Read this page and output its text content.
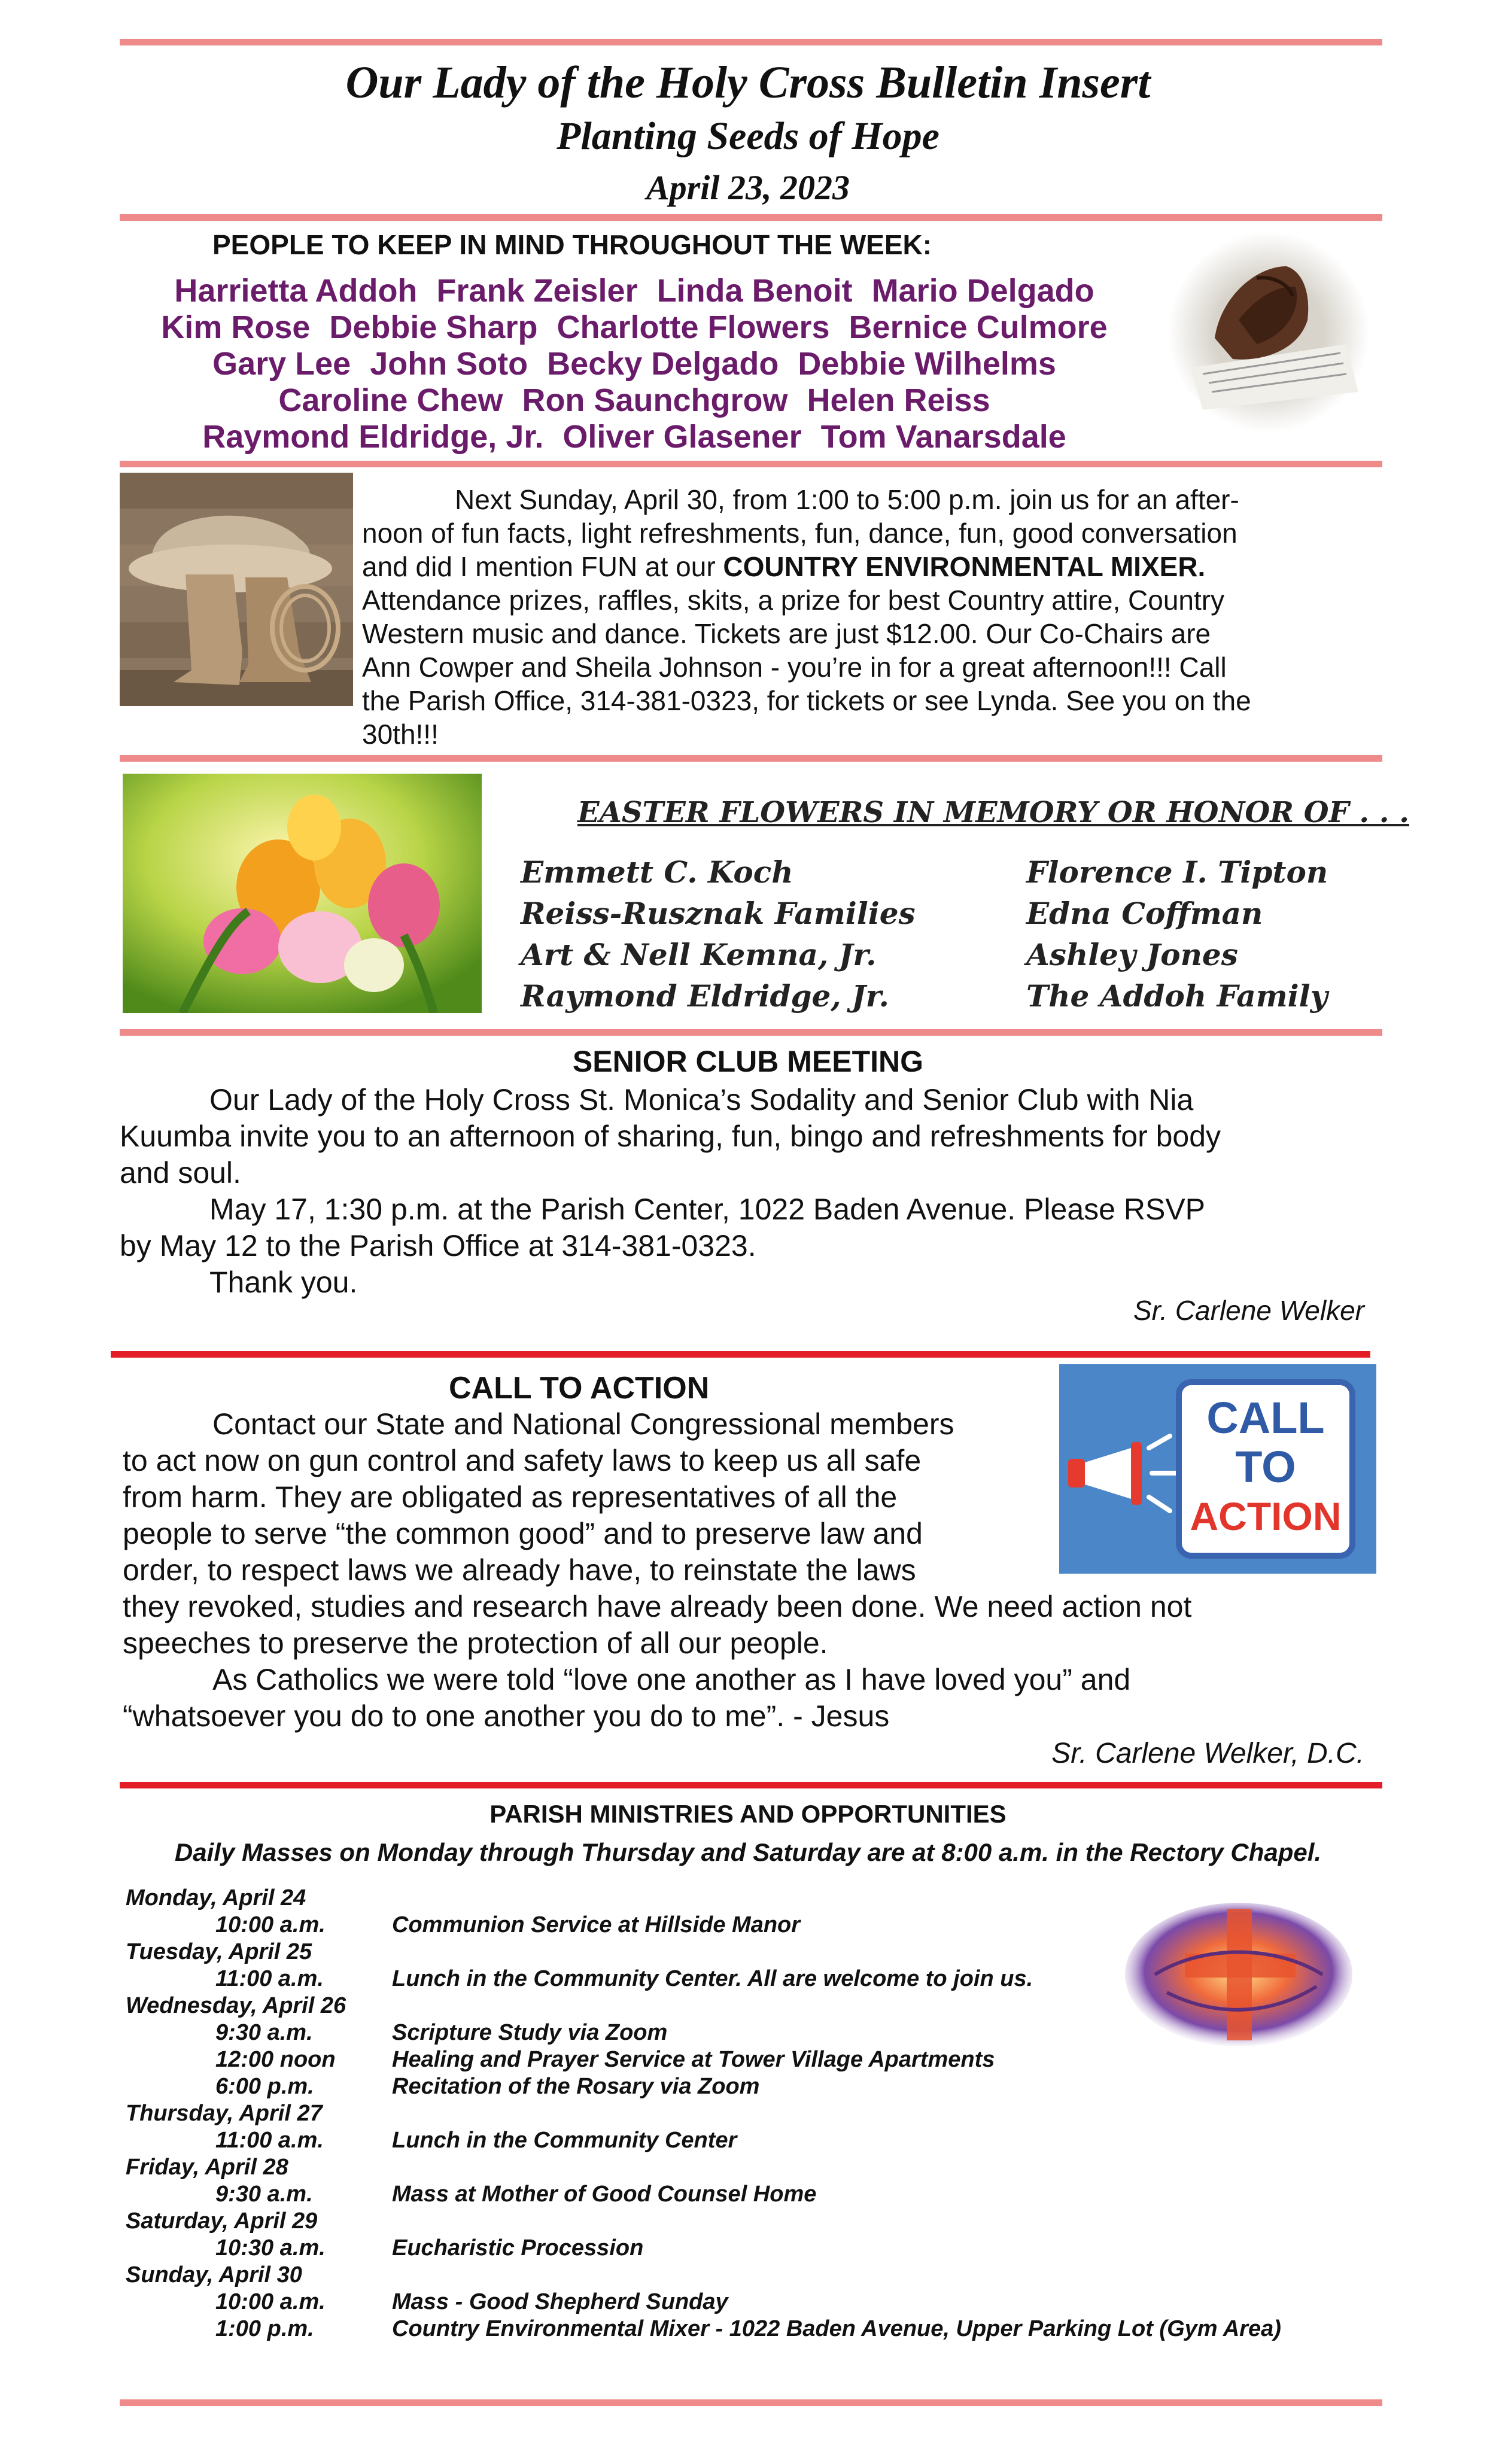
Our Lady of the Holy Cross Bulletin Insert
Planting Seeds of Hope
April 23, 2023
PEOPLE TO KEEP IN MIND THROUGHOUT THE WEEK:
Harrietta Addoh Frank Zeisler Linda Benoit Mario Delgado
Kim Rose Debbie Sharp Charlotte Flowers Bernice Culmore
Gary Lee John Soto Becky Delgado Debbie Wilhelms
Caroline Chew Ron Saunchgrow Helen Reiss
Raymond Eldridge, Jr. Oliver Glasener Tom Vanarsdale
Next Sunday, April 30, from 1:00 to 5:00 p.m. join us for an after-
noon of fun facts, light refreshments, fun, dance, fun, good conversation
Attendance prizes, raffles, skits, a prize for best Country attire, Country
Western music and dance. Tickets are just $12.00. Our Co-Chairs are
Ann Cowper and Sheila Johnson - you’re in for a great afternoon!!! Call
the Parish Office, 314-381-0323, for tickets or see Lynda. See you on the
30th!!!
and did I mention FUN at our COUNTRY ENVIRONMENTAL MIXER.
EASTER FLOWERS IN MEMORY OR HONOR OF . . .
Emmett C. Koch
Reiss-Rusznak Families
Art & Nell Kemna, Jr.
Raymond Eldridge, Jr.
Florence I. Tipton
Edna Coffman
Ashley Jones
The Addoh Family
SENIOR CLUB MEETING
Our Lady of the Holy Cross St. Monica’s Sodality and Senior Club with Nia
Kuumba invite you to an afternoon of sharing, fun, bingo and refreshments for body
and soul.
May 17, 1:30 p.m. at the Parish Center, 1022 Baden Avenue. Please RSVP
by May 12 to the Parish Office at 314-381-0323.
Thank you.
Sr. Carlene Welker
CALL TO ACTION
Contact our State and National Congressional members
to act now on gun control and safety laws to keep us all safe
from harm. They are obligated as representatives of all the
people to serve “the common good” and to preserve law and
order, to respect laws we already have, to reinstate the laws
they revoked, studies and research have already been done. We need action not
speeches to preserve the protection of all our people.
As Catholics we were told “love one another as I have loved you” and
“whatsoever you do to one another you do to me”. - Jesus
CALL
TO
ACTION
Sr. Carlene Welker, D.C.
PARISH MINISTRIES AND OPPORTUNITIES
Daily Masses on Monday through Thursday and Saturday are at 8:00 a.m. in the Rectory Chapel.
Monday, April 24
10:00 a.m.	Communion Service at Hillside Manor
Tuesday, April 25
11:00 a.m.	Lunch in the Community Center. All are welcome to join us.
Wednesday, April 26
9:30 a.m.	Scripture Study via Zoom
12:00 noon Healing and Prayer Service at Tower Village Apartments
6:00 p.m.	Recitation of the Rosary via Zoom
Thursday, April 27
11:00 a.m.	Lunch in the Community Center
Friday, April 28
9:30 a.m.	Mass at Mother of Good Counsel Home
Saturday, April 29
10:30 a.m.	Eucharistic Procession
Sunday, April 30
10:00 a.m.	Mass - Good Shepherd Sunday
1:00 p.m.	Country Environmental Mixer - 1022 Baden Avenue, Upper Parking Lot (Gym Area)
